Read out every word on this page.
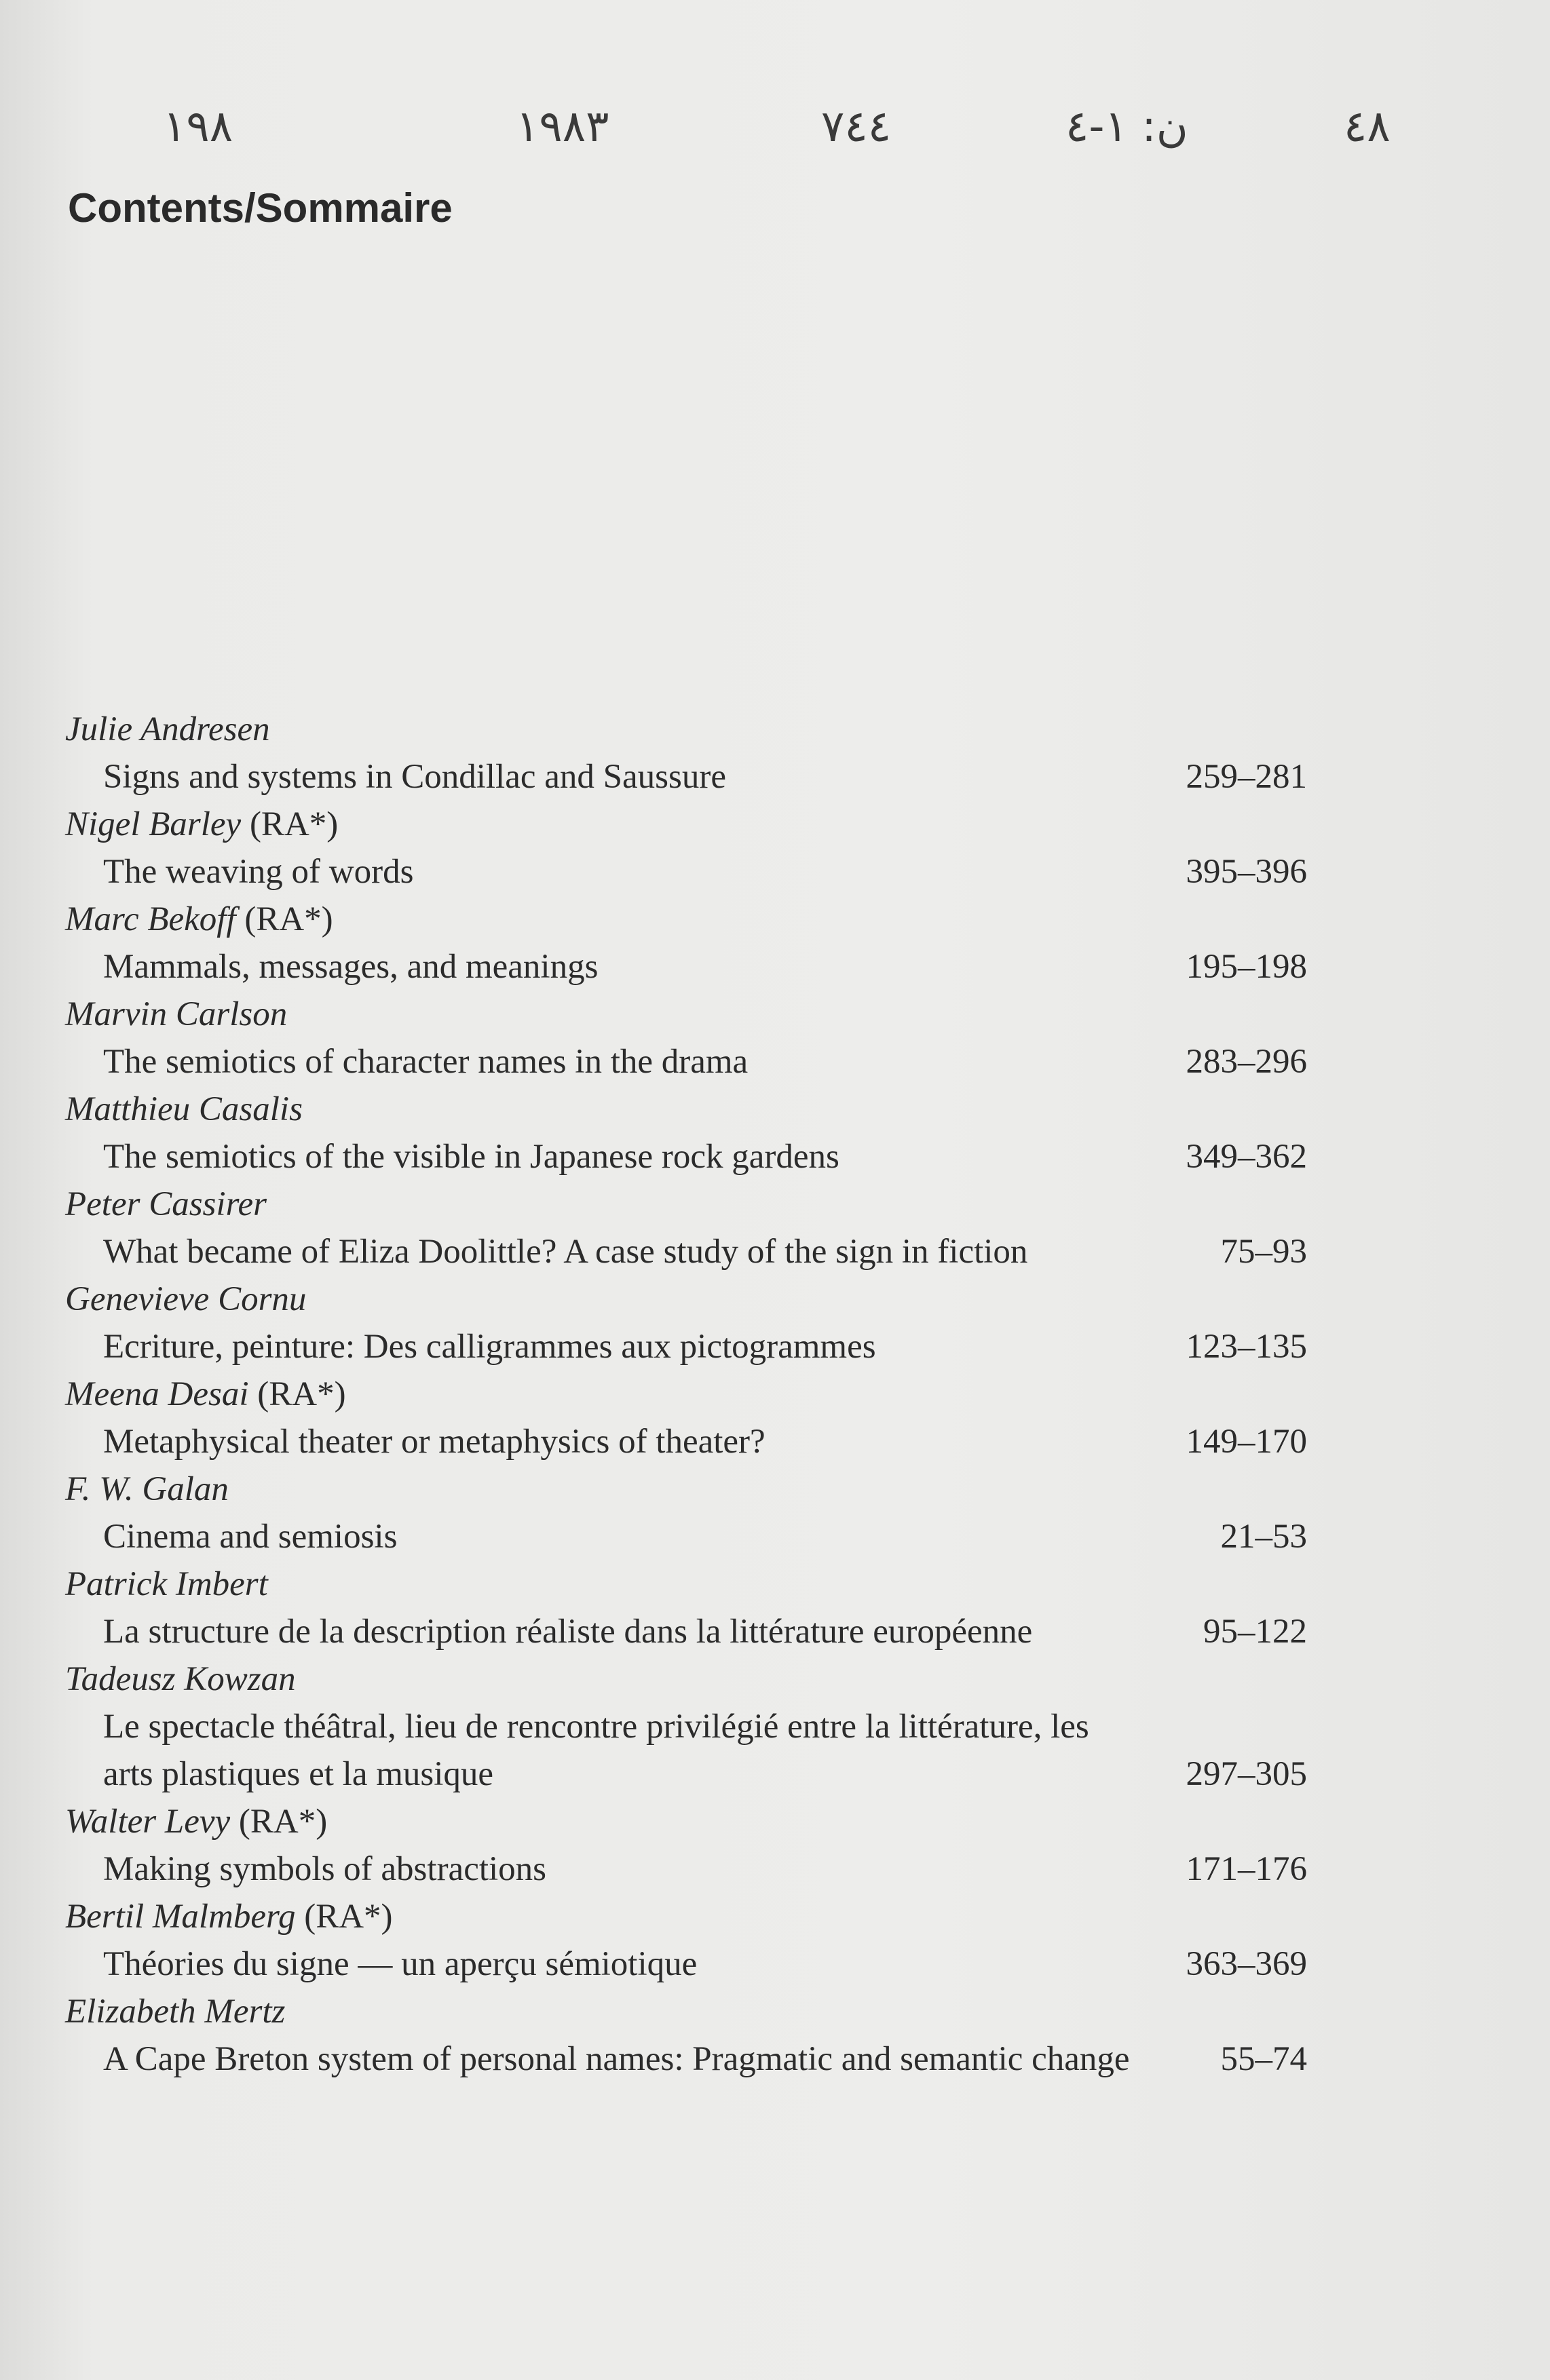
١٩٨	١٩٨٣	٧٤٤	ن: ١-٤	٤٨
Contents/Sommaire
Julie Andresen
Signs and systems in Condillac and Saussure	259–281
Nigel Barley (RA*)
The weaving of words	395–396
Marc Bekoff (RA*)
Mammals, messages, and meanings	195–198
Marvin Carlson
The semiotics of character names in the drama	283–296
Matthieu Casalis
The semiotics of the visible in Japanese rock gardens	349–362
Peter Cassirer
What became of Eliza Doolittle? A case study of the sign in fiction	75–93
Genevieve Cornu
Ecriture, peinture: Des calligrammes aux pictogrammes	123–135
Meena Desai (RA*)
Metaphysical theater or metaphysics of theater?	149–170
F. W. Galan
Cinema and semiosis	21–53
Patrick Imbert
La structure de la description réaliste dans la littérature européenne	95–122
Tadeusz Kowzan
Le spectacle théâtral, lieu de rencontre privilégié entre la littérature, les arts plastiques et la musique	297–305
Walter Levy (RA*)
Making symbols of abstractions	171–176
Bertil Malmberg (RA*)
Théories du signe — un aperçu sémiotique	363–369
Elizabeth Mertz
A Cape Breton system of personal names: Pragmatic and semantic change	55–74
